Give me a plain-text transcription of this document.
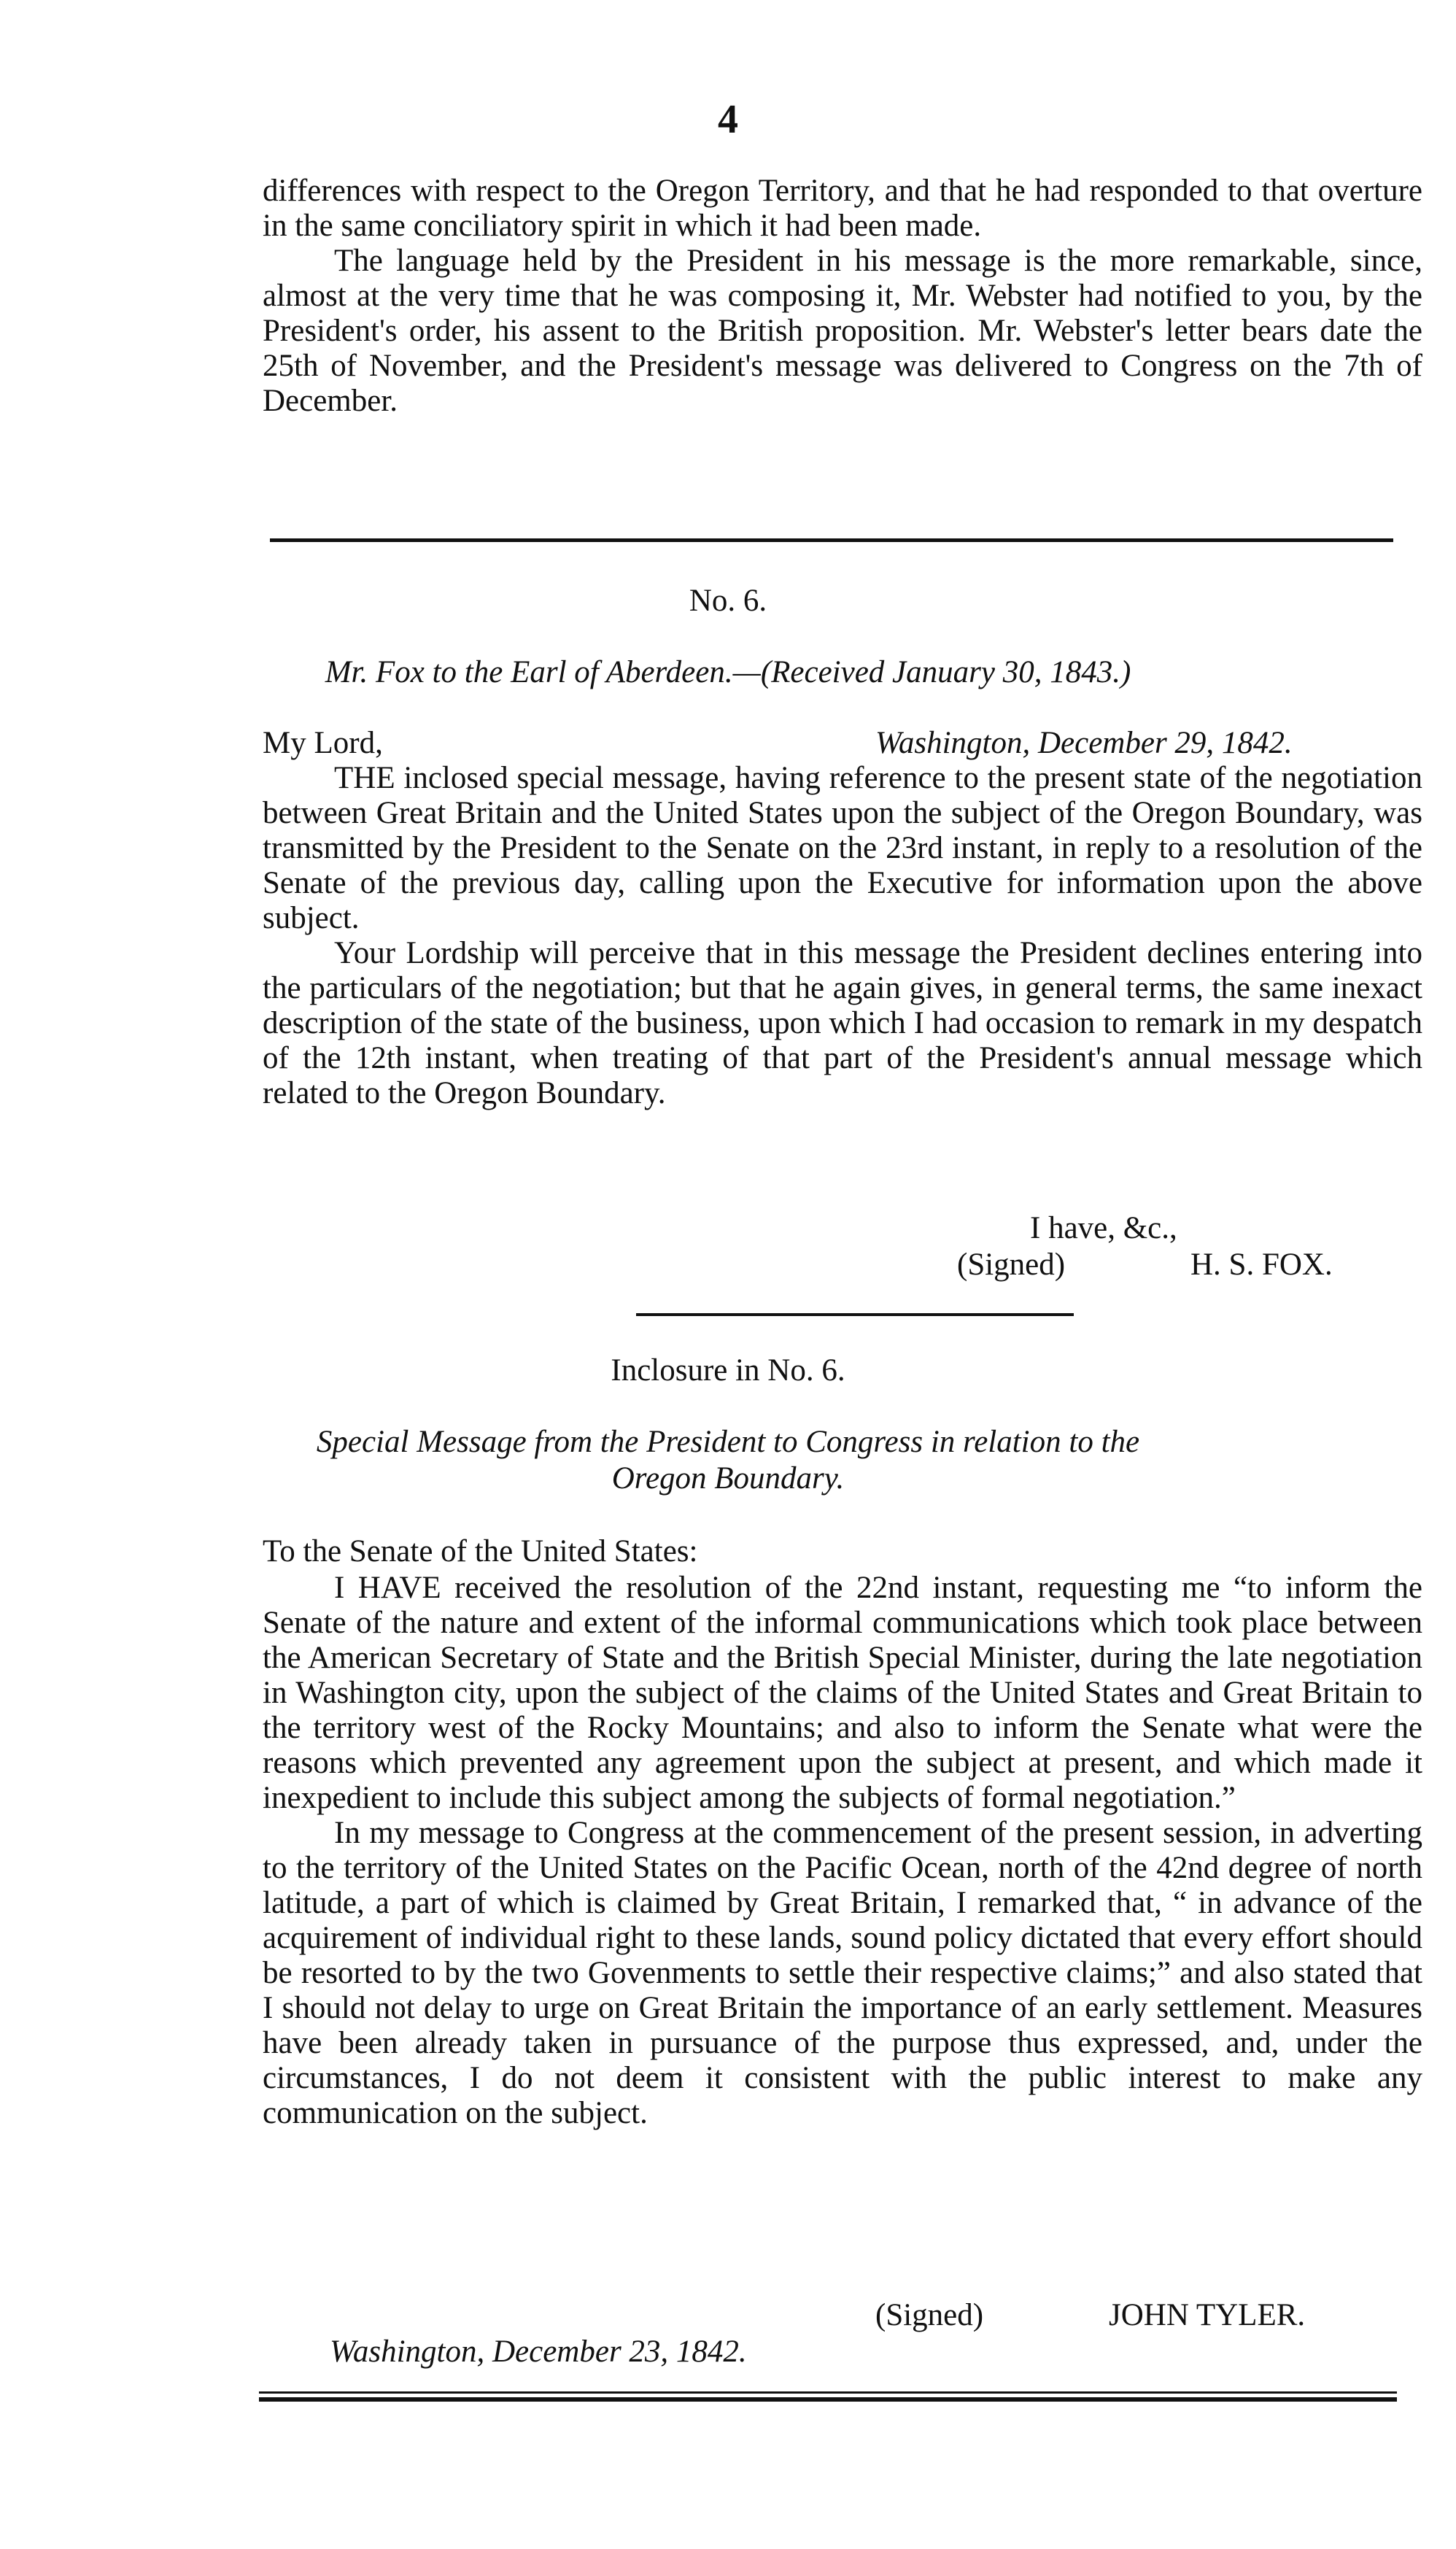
4

differences with respect to the Oregon Territory, and that he had responded to that overture in the same conciliatory spirit in which it had been made.

The language held by the President in his message is the more remarkable, since, almost at the very time that he was composing it, Mr. Webster had notified to you, by the President's order, his assent to the British proposition. Mr. Webster's letter bears date the 25th of November, and the President's message was delivered to Congress on the 7th of December.

No. 6.
Mr. Fox to the Earl of Aberdeen.—(Received January 30, 1843.)
My Lord,	Washington, December 29, 1842.

THE inclosed special message, having reference to the present state of the negotiation between Great Britain and the United States upon the subject of the Oregon Boundary, was transmitted by the President to the Senate on the 23rd instant, in reply to a resolution of the Senate of the previous day, calling upon the Executive for information upon the above subject.

Your Lordship will perceive that in this message the President declines entering into the particulars of the negotiation; but that he again gives, in general terms, the same inexact description of the state of the business, upon which I had occasion to remark in my despatch of the 12th instant, when treating of that part of the President's annual message which related to the Oregon Boundary.

I have, &c.,
(Signed)	H. S. FOX.
Inclosure in No. 6.
Special Message from the President to Congress in relation to the
Oregon Boundary.
To the Senate of the United States:

I HAVE received the resolution of the 22nd instant, requesting me “to inform the Senate of the nature and extent of the informal communications which took place between the American Secretary of State and the British Special Minister, during the late negotiation in Washington city, upon the subject of the claims of the United States and Great Britain to the territory west of the Rocky Mountains; and also to inform the Senate what were the reasons which prevented any agreement upon the subject at present, and which made it inexpedient to include this subject among the subjects of formal negotiation.”

In my message to Congress at the commencement of the present session, in adverting to the territory of the United States on the Pacific Ocean, north of the 42nd degree of north latitude, a part of which is claimed by Great Britain, I remarked that, “ in advance of the acquirement of individual right to these lands, sound policy dictated that every effort should be resorted to by the two Govenments to settle their respective claims;” and also stated that I should not delay to urge on Great Britain the importance of an early settlement. Measures have been already taken in pursuance of the purpose thus expressed, and, under the circumstances, I do not deem it consistent with the public interest to make any communication on the subject.

(Signed)	JOHN TYLER.
Washington, December 23, 1842.
